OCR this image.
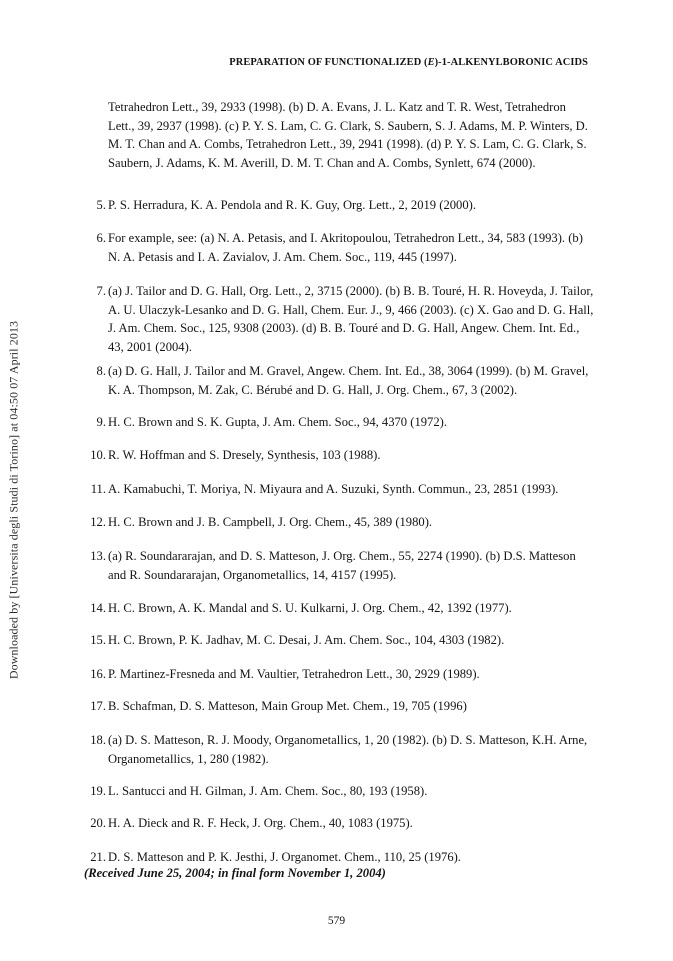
Downloaded by [Universita degli Studi di Torino] at 04:50 07 April 2013
PREPARATION OF FUNCTIONALIZED (E)-1-ALKENYLBORONIC ACIDS
Tetrahedron Lett., 39, 2933 (1998). (b) D. A. Evans, J. L. Katz and T. R. West, Tetrahedron Lett., 39, 2937 (1998). (c) P. Y. S. Lam, C. G. Clark, S. Saubern, S. J. Adams, M. P. Winters, D. M. T. Chan and A. Combs, Tetrahedron Lett., 39, 2941 (1998). (d) P. Y. S. Lam, C. G. Clark, S. Saubern, J. Adams, K. M. Averill, D. M. T. Chan and A. Combs, Synlett, 674 (2000).
5. P. S. Herradura, K. A. Pendola and R. K. Guy, Org. Lett., 2, 2019 (2000).
6. For example, see: (a) N. A. Petasis, and I. Akritopoulou, Tetrahedron Lett., 34, 583 (1993). (b) N. A. Petasis and I. A. Zavialov, J. Am. Chem. Soc., 119, 445 (1997).
7. (a) J. Tailor and D. G. Hall, Org. Lett., 2, 3715 (2000). (b) B. B. Touré, H. R. Hoveyda, J. Tailor, A. U. Ulaczyk-Lesanko and D. G. Hall, Chem. Eur. J., 9, 466 (2003). (c) X. Gao and D. G. Hall, J. Am. Chem. Soc., 125, 9308 (2003). (d) B. B. Touré and D. G. Hall, Angew. Chem. Int. Ed., 43, 2001 (2004).
8. (a) D. G. Hall, J. Tailor and M. Gravel, Angew. Chem. Int. Ed., 38, 3064 (1999). (b) M. Gravel, K. A. Thompson, M. Zak, C. Bérubé and D. G. Hall, J. Org. Chem., 67, 3 (2002).
9. H. C. Brown and S. K. Gupta, J. Am. Chem. Soc., 94, 4370 (1972).
10. R. W. Hoffman and S. Dresely, Synthesis, 103 (1988).
11. A. Kamabuchi, T. Moriya, N. Miyaura and A. Suzuki, Synth. Commun., 23, 2851 (1993).
12. H. C. Brown and J. B. Campbell, J. Org. Chem., 45, 389 (1980).
13. (a) R. Soundararajan, and D. S. Matteson, J. Org. Chem., 55, 2274 (1990). (b) D.S. Matteson and R. Soundararajan, Organometallics, 14, 4157 (1995).
14. H. C. Brown, A. K. Mandal and S. U. Kulkarni, J. Org. Chem., 42, 1392 (1977).
15. H. C. Brown, P. K. Jadhav, M. C. Desai, J. Am. Chem. Soc., 104, 4303 (1982).
16. P. Martinez-Fresneda and M. Vaultier, Tetrahedron Lett., 30, 2929 (1989).
17. B. Schafman, D. S. Matteson, Main Group Met. Chem., 19, 705 (1996)
18. (a) D. S. Matteson, R. J. Moody, Organometallics, 1, 20 (1982). (b) D. S. Matteson, K.H. Arne, Organometallics, 1, 280 (1982).
19. L. Santucci and H. Gilman, J. Am. Chem. Soc., 80, 193 (1958).
(Received June 25, 2004; in final form November 1, 2004)
579
20. H. A. Dieck and R. F. Heck, J. Org. Chem., 40, 1083 (1975).
21. D. S. Matteson and P. K. Jesthi, J. Organomet. Chem., 110, 25 (1976).
